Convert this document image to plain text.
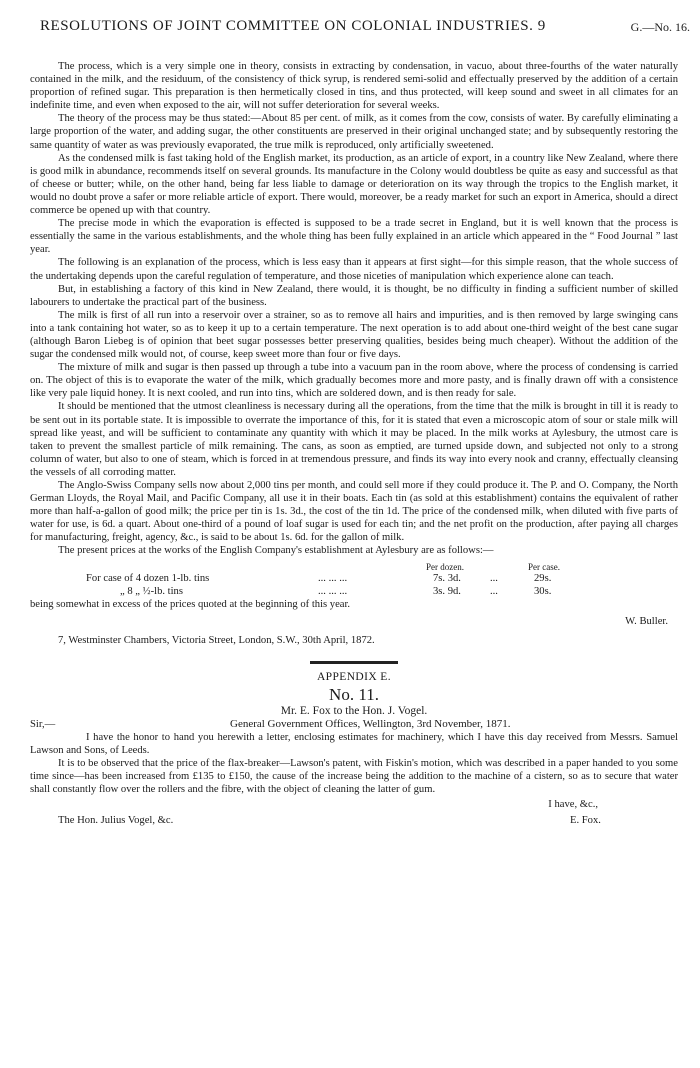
RESOLUTIONS OF JOINT COMMITTEE ON COLONIAL INDUSTRIES. 9	G.—No. 16.

The process, which is a very simple one in theory, consists in extracting by condensation, in vacuo, about three-fourths of the water naturally contained in the milk, and the residuum, of the consistency of thick syrup, is rendered semi-solid and effectually preserved by the addition of a certain proportion of refined sugar. This preparation is then hermetically closed in tins, and thus protected, will keep sound and sweet in all climates for an indefinite time, and even when exposed to the air, will not suffer deterioration for several weeks.

The theory of the process may be thus stated:—About 85 per cent. of milk, as it comes from the cow, consists of water. By carefully eliminating a large proportion of the water, and adding sugar, the other constituents are preserved in their original unchanged state; and by subsequently restoring the same quantity of water as was previously evaporated, the true milk is reproduced, only artificially sweetened.

As the condensed milk is fast taking hold of the English market, its production, as an article of export, in a country like New Zealand, where there is good milk in abundance, recommends itself on several grounds. Its manufacture in the Colony would doubtless be quite as easy and successful as that of cheese or butter; while, on the other hand, being far less liable to damage or deterioration on its way through the tropics to the English market, it would no doubt prove a safer or more reliable article of export. There would, moreover, be a ready market for such an export in America, should a direct commerce be opened up with that country.

The precise mode in which the evaporation is effected is supposed to be a trade secret in England, but it is well known that the process is essentially the same in the various establishments, and the whole thing has been fully explained in an article which appeared in the “ Food Journal ” last year.

The following is an explanation of the process, which is less easy than it appears at first sight—for this simple reason, that the whole success of the undertaking depends upon the careful regulation of temperature, and those niceties of manipulation which experience alone can teach.

But, in establishing a factory of this kind in New Zealand, there would, it is thought, be no difficulty in finding a sufficient number of skilled labourers to undertake the practical part of the business.

The milk is first of all run into a reservoir over a strainer, so as to remove all hairs and impurities, and is then removed by large swinging cans into a tank containing hot water, so as to keep it up to a certain temperature. The next operation is to add about one-third weight of the best cane sugar (although Baron Liebeg is of opinion that beet sugar possesses better preserving qualities, besides being much cheaper). Without the addition of the sugar the condensed milk would not, of course, keep sweet more than four or five days.

The mixture of milk and sugar is then passed up through a tube into a vacuum pan in the room above, where the process of condensing is carried on. The object of this is to evaporate the water of the milk, which gradually becomes more and more pasty, and is finally drawn off with a consistence like very pale liquid honey. It is next cooled, and run into tins, which are soldered down, and is then ready for sale.

It should be mentioned that the utmost cleanliness is necessary during all the operations, from the time that the milk is brought in till it is ready to be sent out in its portable state. It is impossible to overrate the importance of this, for it is stated that even a microscopic atom of sour or stale milk will spread like yeast, and will be sufficient to contaminate any quantity with which it may be placed. In the milk works at Aylesbury, the utmost care is taken to prevent the smallest particle of milk remaining. The cans, as soon as emptied, are turned upside down, and subjected not only to a strong column of water, but also to one of steam, which is forced in at tremendous pressure, and finds its way into every nook and cranny, effectually cleansing the vessels of all corroding matter.

The Anglo-Swiss Company sells now about 2,000 tins per month, and could sell more if they could produce it. The P. and O. Company, the North German Lloyds, the Royal Mail, and Pacific Company, all use it in their boats. Each tin (as sold at this establishment) contains the equivalent of rather more than half-a-gallon of good milk; the price per tin is 1s. 3d., the cost of the tin 1d. The price of the condensed milk, when diluted with five parts of water for use, is 6d. a quart. About one-third of a pound of loaf sugar is used for each tin; and the net profit on the production, after paying all charges for manufacturing, freight, agency, &c., is said to be about 1s. 6d. for the gallon of milk.

The present prices at the works of the English Company's establishment at Aylesbury are as follows:—

Per dozen.	Per case.
For case of 4 dozen 1-lb. tins	... ... ...	7s. 3d.	...	29s.
„ 8 „ ½-lb. tins	... ... ...	3s. 9d.	...	30s.

being somewhat in excess of the prices quoted at the beginning of this year.

W. Buller.
7, Westminster Chambers, Victoria Street, London, S.W., 30th April, 1872.
APPENDIX E.
No. 11.
Mr. E. Fox to the Hon. J. Vogel.
Sir,—	General Government Offices, Wellington, 3rd November, 1871.

I have the honor to hand you herewith a letter, enclosing estimates for machinery, which I have this day received from Messrs. Samuel Lawson and Sons, of Leeds.

It is to be observed that the price of the flax-breaker—Lawson's patent, with Fiskin's motion, which was described in a paper handed to you some time since—has been increased from £135 to £150, the cause of the increase being the addition to the machine of a cistern, so as to secure that water shall constantly flow over the rollers and the fibre, with the object of cleaning the latter of gum.

I have, &c.,
The Hon. Julius Vogel, &c.	E. Fox.
